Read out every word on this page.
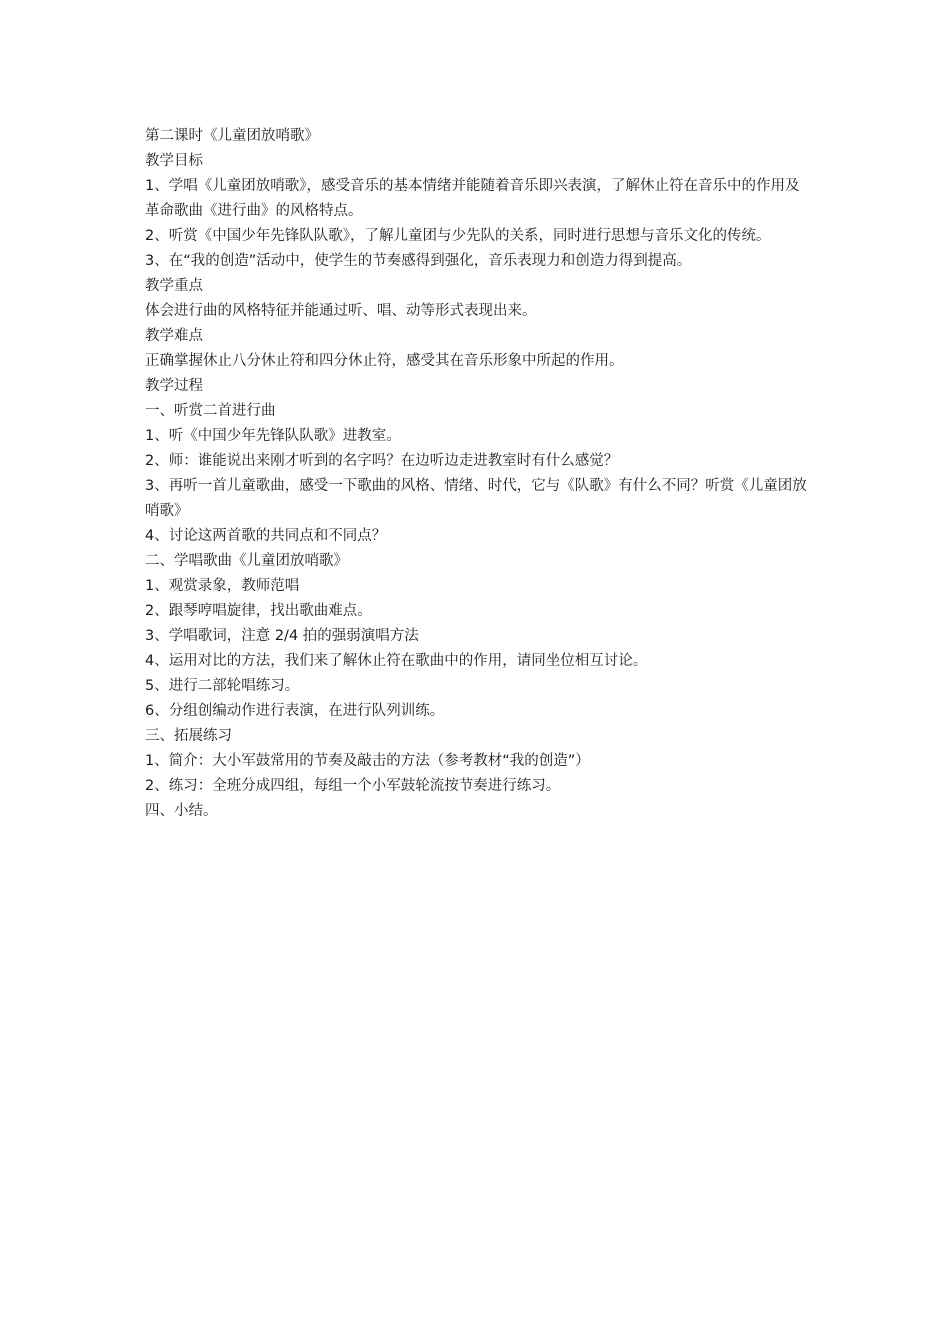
第二课时《儿童团放哨歌》
教学目标
1、学唱《儿童团放哨歌》，感受音乐的基本情绪并能随着音乐即兴表演，了解休止符在音乐中的作用及革命歌曲《进行曲》的风格特点。
2、听赏《中国少年先锋队队歌》，了解儿童团与少先队的关系，同时进行思想与音乐文化的传统。
3、在“我的创造”活动中，使学生的节奏感得到强化，音乐表现力和创造力得到提高。
教学重点
体会进行曲的风格特征并能通过听、唱、动等形式表现出来。
教学难点
正确掌握休止八分休止符和四分休止符，感受其在音乐形象中所起的作用。
教学过程
一、听赏二首进行曲
1、听《中国少年先锋队队歌》进教室。
2、师：谁能说出来刚才听到的名字吗？在边听边走进教室时有什么感觉？
3、再听一首儿童歌曲，感受一下歌曲的风格、情绪、时代，它与《队歌》有什么不同？听赏《儿童团放哨歌》
4、讨论这两首歌的共同点和不同点？
二、学唱歌曲《儿童团放哨歌》
1、观赏录象，教师范唱
2、跟琴哼唱旋律，找出歌曲难点。
3、学唱歌词，注意 2/4 拍的强弱演唱方法
4、运用对比的方法，我们来了解休止符在歌曲中的作用，请同坐位相互讨论。
5、进行二部轮唱练习。
6、分组创编动作进行表演，在进行队列训练。
三、拓展练习
1、简介：大小军鼓常用的节奏及敲击的方法（参考教材“我的创造”）
2、练习：全班分成四组，每组一个小军鼓轮流按节奏进行练习。
四、小结。
